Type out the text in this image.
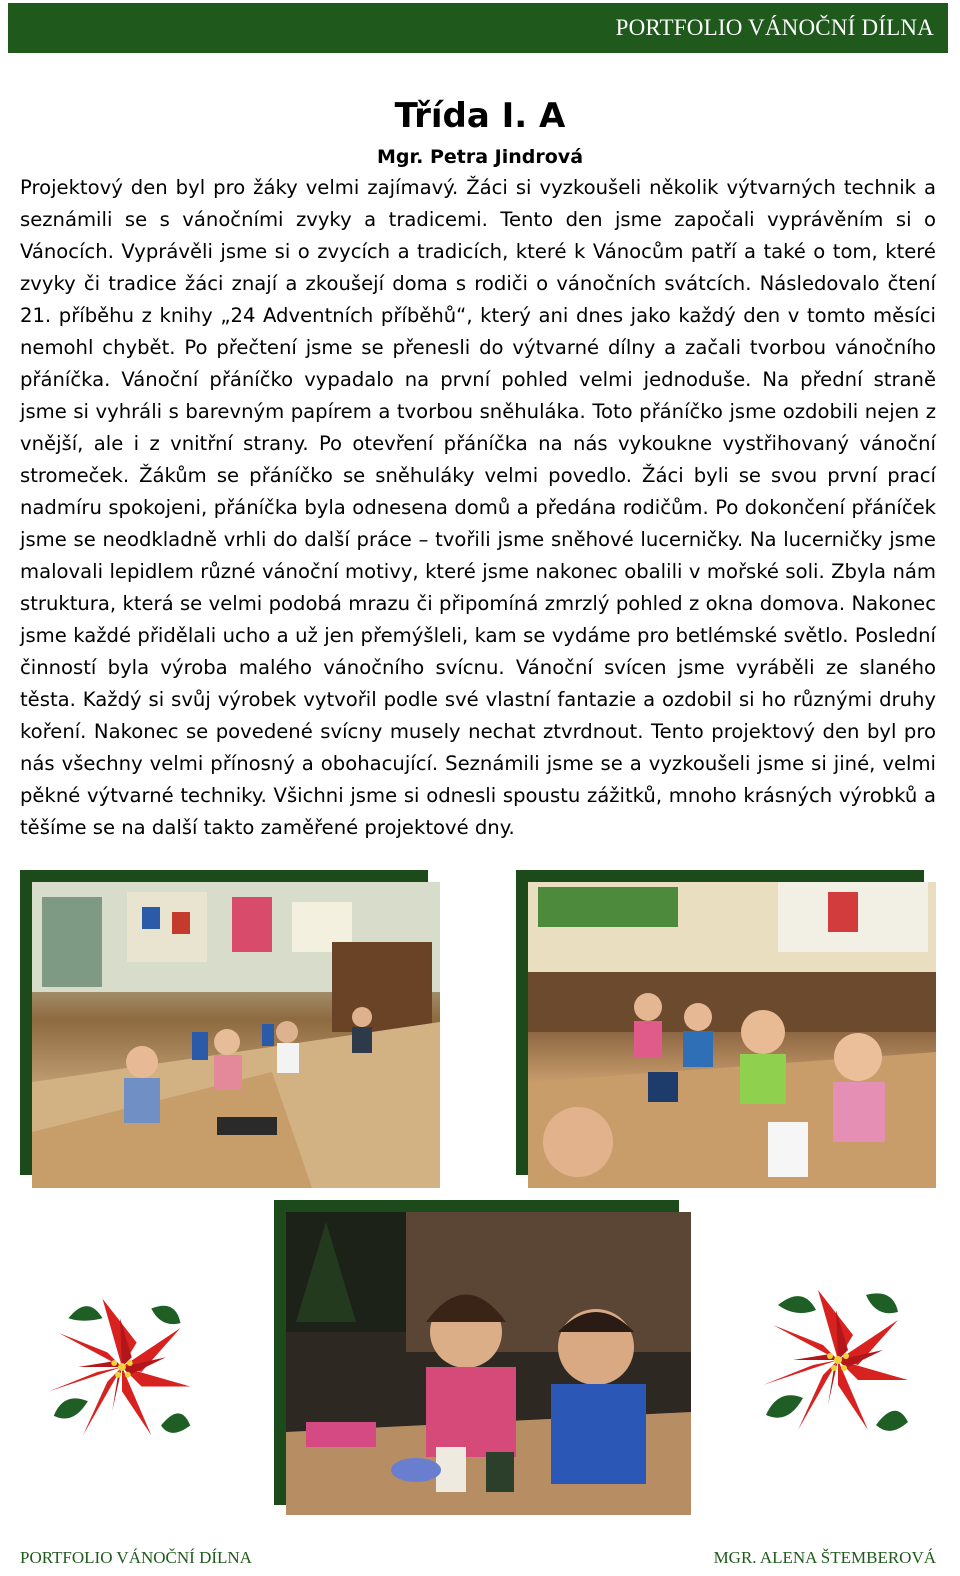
PORTFOLIO VÁNOČNÍ DÍLNA
Třída I. A
Mgr. Petra Jindrová

Projektový den byl pro žáky velmi zajímavý. Žáci si vyzkoušeli několik výtvarných technik a seznámili se s vánočními zvyky a tradicemi. Tento den jsme započali vyprávěním si o Vánocích. Vyprávěli jsme si o zvycích a tradicích, které k Vánocům patří a také o tom, které zvyky či tradice žáci znají a zkoušejí doma s rodiči o vánočních svátcích. Následovalo čtení 21. příběhu z knihy „24 Adventních příběhů“, který ani dnes jako každý den v tomto měsíci nemohl chybět. Po přečtení jsme se přenesli do výtvarné dílny a začali tvorbou vánočního přáníčka. Vánoční přáníčko vypadalo na první pohled velmi jednoduše. Na přední straně jsme si vyhráli s barevným papírem a tvorbou sněhuláka. Toto přáníčko jsme ozdobili nejen z vnější, ale i z vnitřní strany. Po otevření přáníčka na nás vykoukne vystřihovaný vánoční stromeček. Žákům se přáníčko se sněhuláky velmi povedlo. Žáci byli se svou první prací nadmíru spokojeni, přáníčka byla odnesena domů a předána rodičům. Po dokončení přáníček jsme se neodkladně vrhli do další práce – tvořili jsme sněhové lucerničky. Na lucerničky jsme malovali lepidlem různé vánoční motivy, které jsme nakonec obalili v mořské soli. Zbyla nám struktura, která se velmi podobá mrazu či připomíná zmrzlý pohled z okna domova. Nakonec jsme každé přidělali ucho a už jen přemýšleli, kam se vydáme pro betlémské světlo. Poslední činností byla výroba malého vánočního svícnu. Vánoční svícen jsme vyráběli ze slaného těsta. Každý si svůj výrobek vytvořil podle své vlastní fantazie a ozdobil si ho různými druhy koření. Nakonec se povedené svícny musely nechat ztvrdnout. Tento projektový den byl pro nás všechny velmi přínosný a obohacující. Seznámili jsme se a vyzkoušeli jsme si jiné, velmi pěkné výtvarné techniky. Všichni jsme si odnesli spoustu zážitků, mnoho krásných výrobků a těšíme se na další takto zaměřené projektové dny.

PORTFOLIO VÁNOČNÍ DÍLNA	MGR. ALENA ŠTEMBEROVÁ
